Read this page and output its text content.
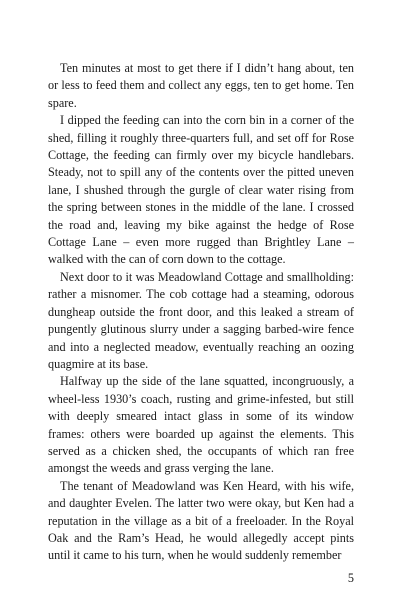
Ten minutes at most to get there if I didn’t hang about, ten or less to feed them and collect any eggs, ten to get home. Ten spare.

I dipped the feeding can into the corn bin in a corner of the shed, filling it roughly three-quarters full, and set off for Rose Cottage, the feeding can firmly over my bicycle handlebars. Steady, not to spill any of the contents over the pitted uneven lane, I shushed through the gurgle of clear water rising from the spring between stones in the middle of the lane. I crossed the road and, leaving my bike against the hedge of Rose Cottage Lane – even more rugged than Brightley Lane – walked with the can of corn down to the cottage.

Next door to it was Meadowland Cottage and smallholding: rather a misnomer. The cob cottage had a steaming, odorous dungheap outside the front door, and this leaked a stream of pungently glutinous slurry under a sagging barbed-wire fence and into a neglected meadow, eventually reaching an oozing quagmire at its base.

Halfway up the side of the lane squatted, incongruously, a wheel-less 1930’s coach, rusting and grime-infested, but still with deeply smeared intact glass in some of its window frames: others were boarded up against the elements. This served as a chicken shed, the occupants of which ran free amongst the weeds and grass verging the lane.

The tenant of Meadowland was Ken Heard, with his wife, and daughter Evelen. The latter two were okay, but Ken had a reputation in the village as a bit of a freeloader. In the Royal Oak and the Ram’s Head, he would allegedly accept pints until it came to his turn, when he would suddenly remember

5
